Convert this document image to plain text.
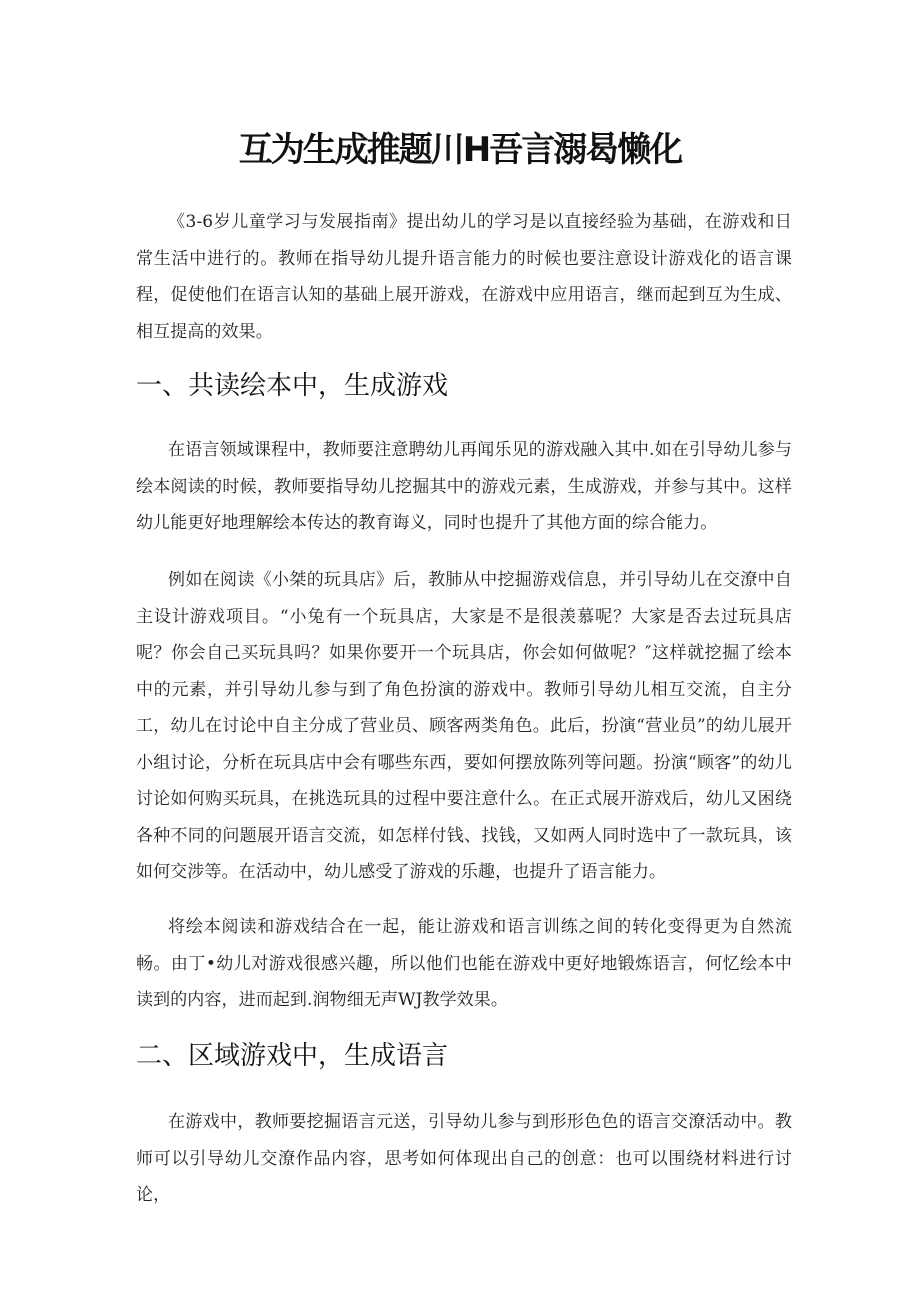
互为生成推题川H吾言溺曷懒化

《3-6岁儿童学习与发展指南》提出幼儿的学习是以直接经验为基础，在游戏和日常生活中进行的。教师在指导幼儿提升语言能力的时候也要注意设计游戏化的语言课程，促使他们在语言认知的基础上展开游戏，在游戏中应用语言，继而起到互为生成、相互提高的效果。

一、共读绘本中，生成游戏

在语言领域课程中，教师要注意聘幼儿再闻乐见的游戏融入其中.如在引导幼儿参与绘本阅读的时候，教师要指导幼儿挖掘其中的游戏元素，生成游戏，并参与其中。这样幼儿能更好地理解绘本传达的教育诲义，同时也提升了其他方面的综合能力。

例如在阅读《小桀的玩具店》后，教肺从中挖掘游戏信息，并引导幼儿在交潦中自主设计游戏项目。“小兔有一个玩具店，大家是不是很羡慕呢？大家是否去过玩具店呢？你会自己买玩具吗？如果你要开一个玩具店，你会如何做呢？″这样就挖掘了绘本中的元素，并引导幼儿参与到了角色扮演的游戏中。教师引导幼儿相互交流，自主分工，幼儿在讨论中自主分成了营业员、顾客两类角色。此后，扮演“营业员”的幼儿展开小组讨论，分析在玩具店中会有哪些东西，要如何摆放陈列等问题。扮演“顾客”的幼儿讨论如何购买玩具，在挑选玩具的过程中要注意什么。在正式展开游戏后，幼儿又困绕各种不同的问题展开语言交流，如怎样付钱、找钱，又如两人同时选中了一款玩具，该如何交涉等。在活动中，幼儿感受了游戏的乐趣，也提升了语言能力。

将绘本阅读和游戏结合在一起，能让游戏和语言训练之间的转化变得更为自然流畅。由丁•幼儿对游戏很感兴趣，所以他们也能在游戏中更好地锻炼语言，何忆绘本中读到的内容，进而起到.润物细无声WJ教学效果。

二、区域游戏中，生成语言

在游戏中，教师要挖掘语言元送，引导幼儿参与到形形色色的语言交潦活动中。教师可以引导幼儿交潦作品内容，思考如何体现出自己的创意：也可以围绕材料进行讨论，
